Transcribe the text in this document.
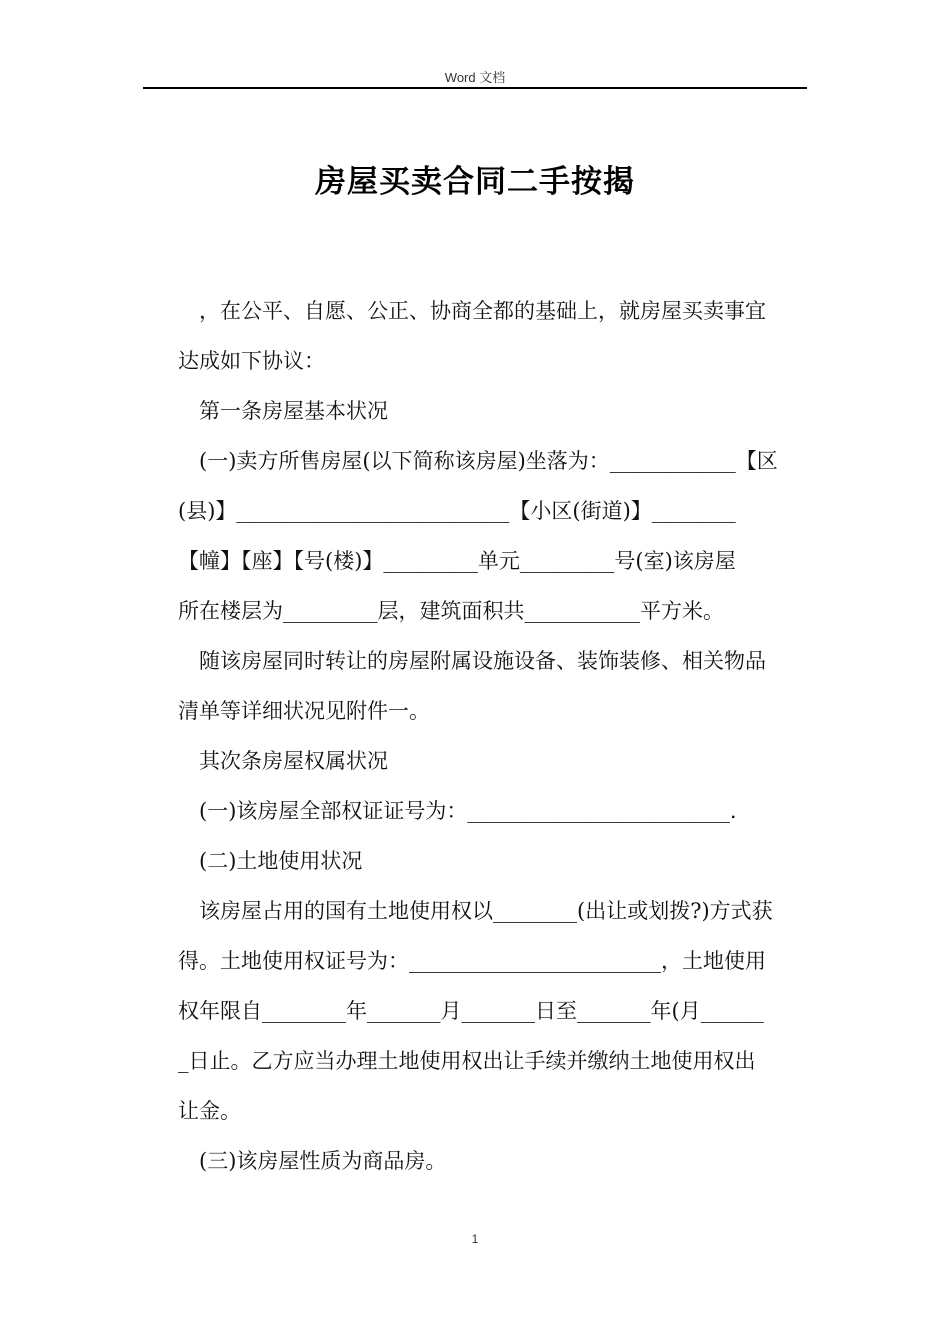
Word 文档
房屋买卖合同二手按揭

，在公平、自愿、公正、协商全都的基础上，就房屋买卖事宜

达成如下协议：

第一条房屋基本状况

(一)卖方所售房屋(以下简称该房屋)坐落为：____________【区

(县)】__________________________【小区(街道)】________

【幢】【座】【号(楼)】_________单元_________号(室)该房屋

所在楼层为_________层，建筑面积共___________平方米。

随该房屋同时转让的房屋附属设施设备、装饰装修、相关物品

清单等详细状况见附件一。

其次条房屋权属状况

(一)该房屋全部权证证号为：_________________________.

(二)土地使用状况

该房屋占用的国有土地使用权以________(出让或划拨?)方式获

得。土地使用权证号为：________________________，土地使用

权年限自________年_______月_______日至_______年(月______

_日止。乙方应当办理土地使用权出让手续并缴纳土地使用权出

让金。

(三)该房屋性质为商品房。

1
